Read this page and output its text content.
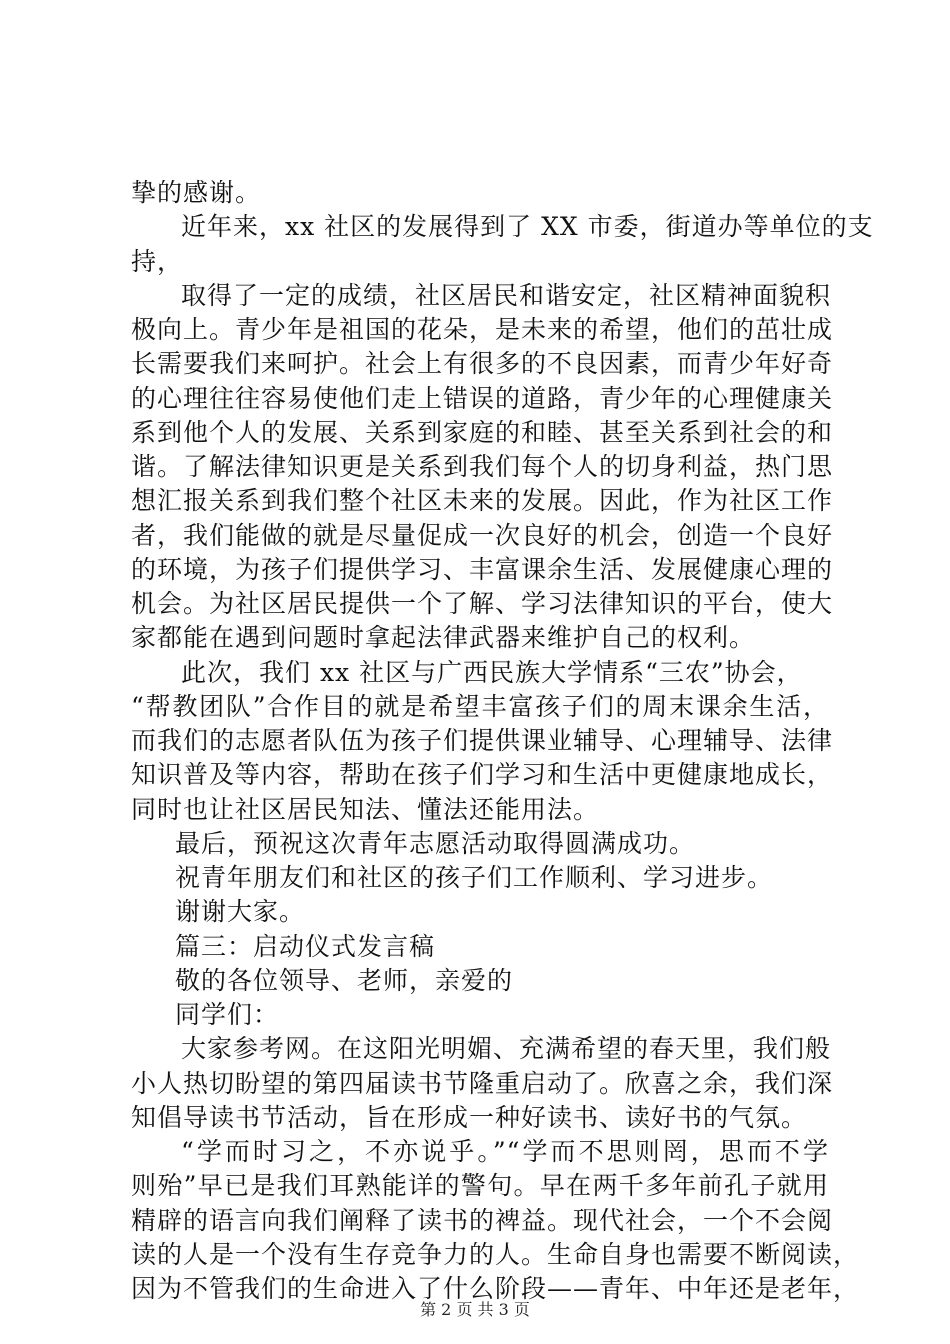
挚的感谢。
近年来，xx 社区的发展得到了 XX 市委，街道办等单位的支
持，
取得了一定的成绩，社区居民和谐安定，社区精神面貌积
极向上。青少年是祖国的花朵，是未来的希望，他们的茁壮成
长需要我们来呵护。社会上有很多的不良因素，而青少年好奇
的心理往往容易使他们走上错误的道路，青少年的心理健康关
系到他个人的发展、关系到家庭的和睦、甚至关系到社会的和
谐。了解法律知识更是关系到我们每个人的切身利益，热门思
想汇报关系到我们整个社区未来的发展。因此，作为社区工作
者，我们能做的就是尽量促成一次良好的机会，创造一个良好
的环境，为孩子们提供学习、丰富课余生活、发展健康心理的
机会。为社区居民提供一个了解、学习法律知识的平台，使大
家都能在遇到问题时拿起法律武器来维护自己的权利。
此次，我们 xx 社区与广西民族大学情系“三农”协会，
“帮教团队”合作目的就是希望丰富孩子们的周末课余生活，
而我们的志愿者队伍为孩子们提供课业辅导、心理辅导、法律
知识普及等内容，帮助在孩子们学习和生活中更健康地成长，
同时也让社区居民知法、懂法还能用法。
最后，预祝这次青年志愿活动取得圆满成功。
祝青年朋友们和社区的孩子们工作顺利、学习进步。
谢谢大家。
篇三：启动仪式发言稿
敬的各位领导、老师，亲爱的
同学们：
大家参考网。在这阳光明媚、充满希望的春天里，我们般
小人热切盼望的第四届读书节隆重启动了。欣喜之余，我们深
知倡导读书节活动，旨在形成一种好读书、读好书的气氛。
“学而时习之，不亦说乎。”“学而不思则罔，思而不学
则殆”早已是我们耳熟能详的警句。早在两千多年前孔子就用
精辟的语言向我们阐释了读书的裨益。现代社会，一个不会阅
读的人是一个没有生存竞争力的人。生命自身也需要不断阅读，
因为不管我们的生命进入了什么阶段——青年、中年还是老年，
第 2 页 共 3 页
